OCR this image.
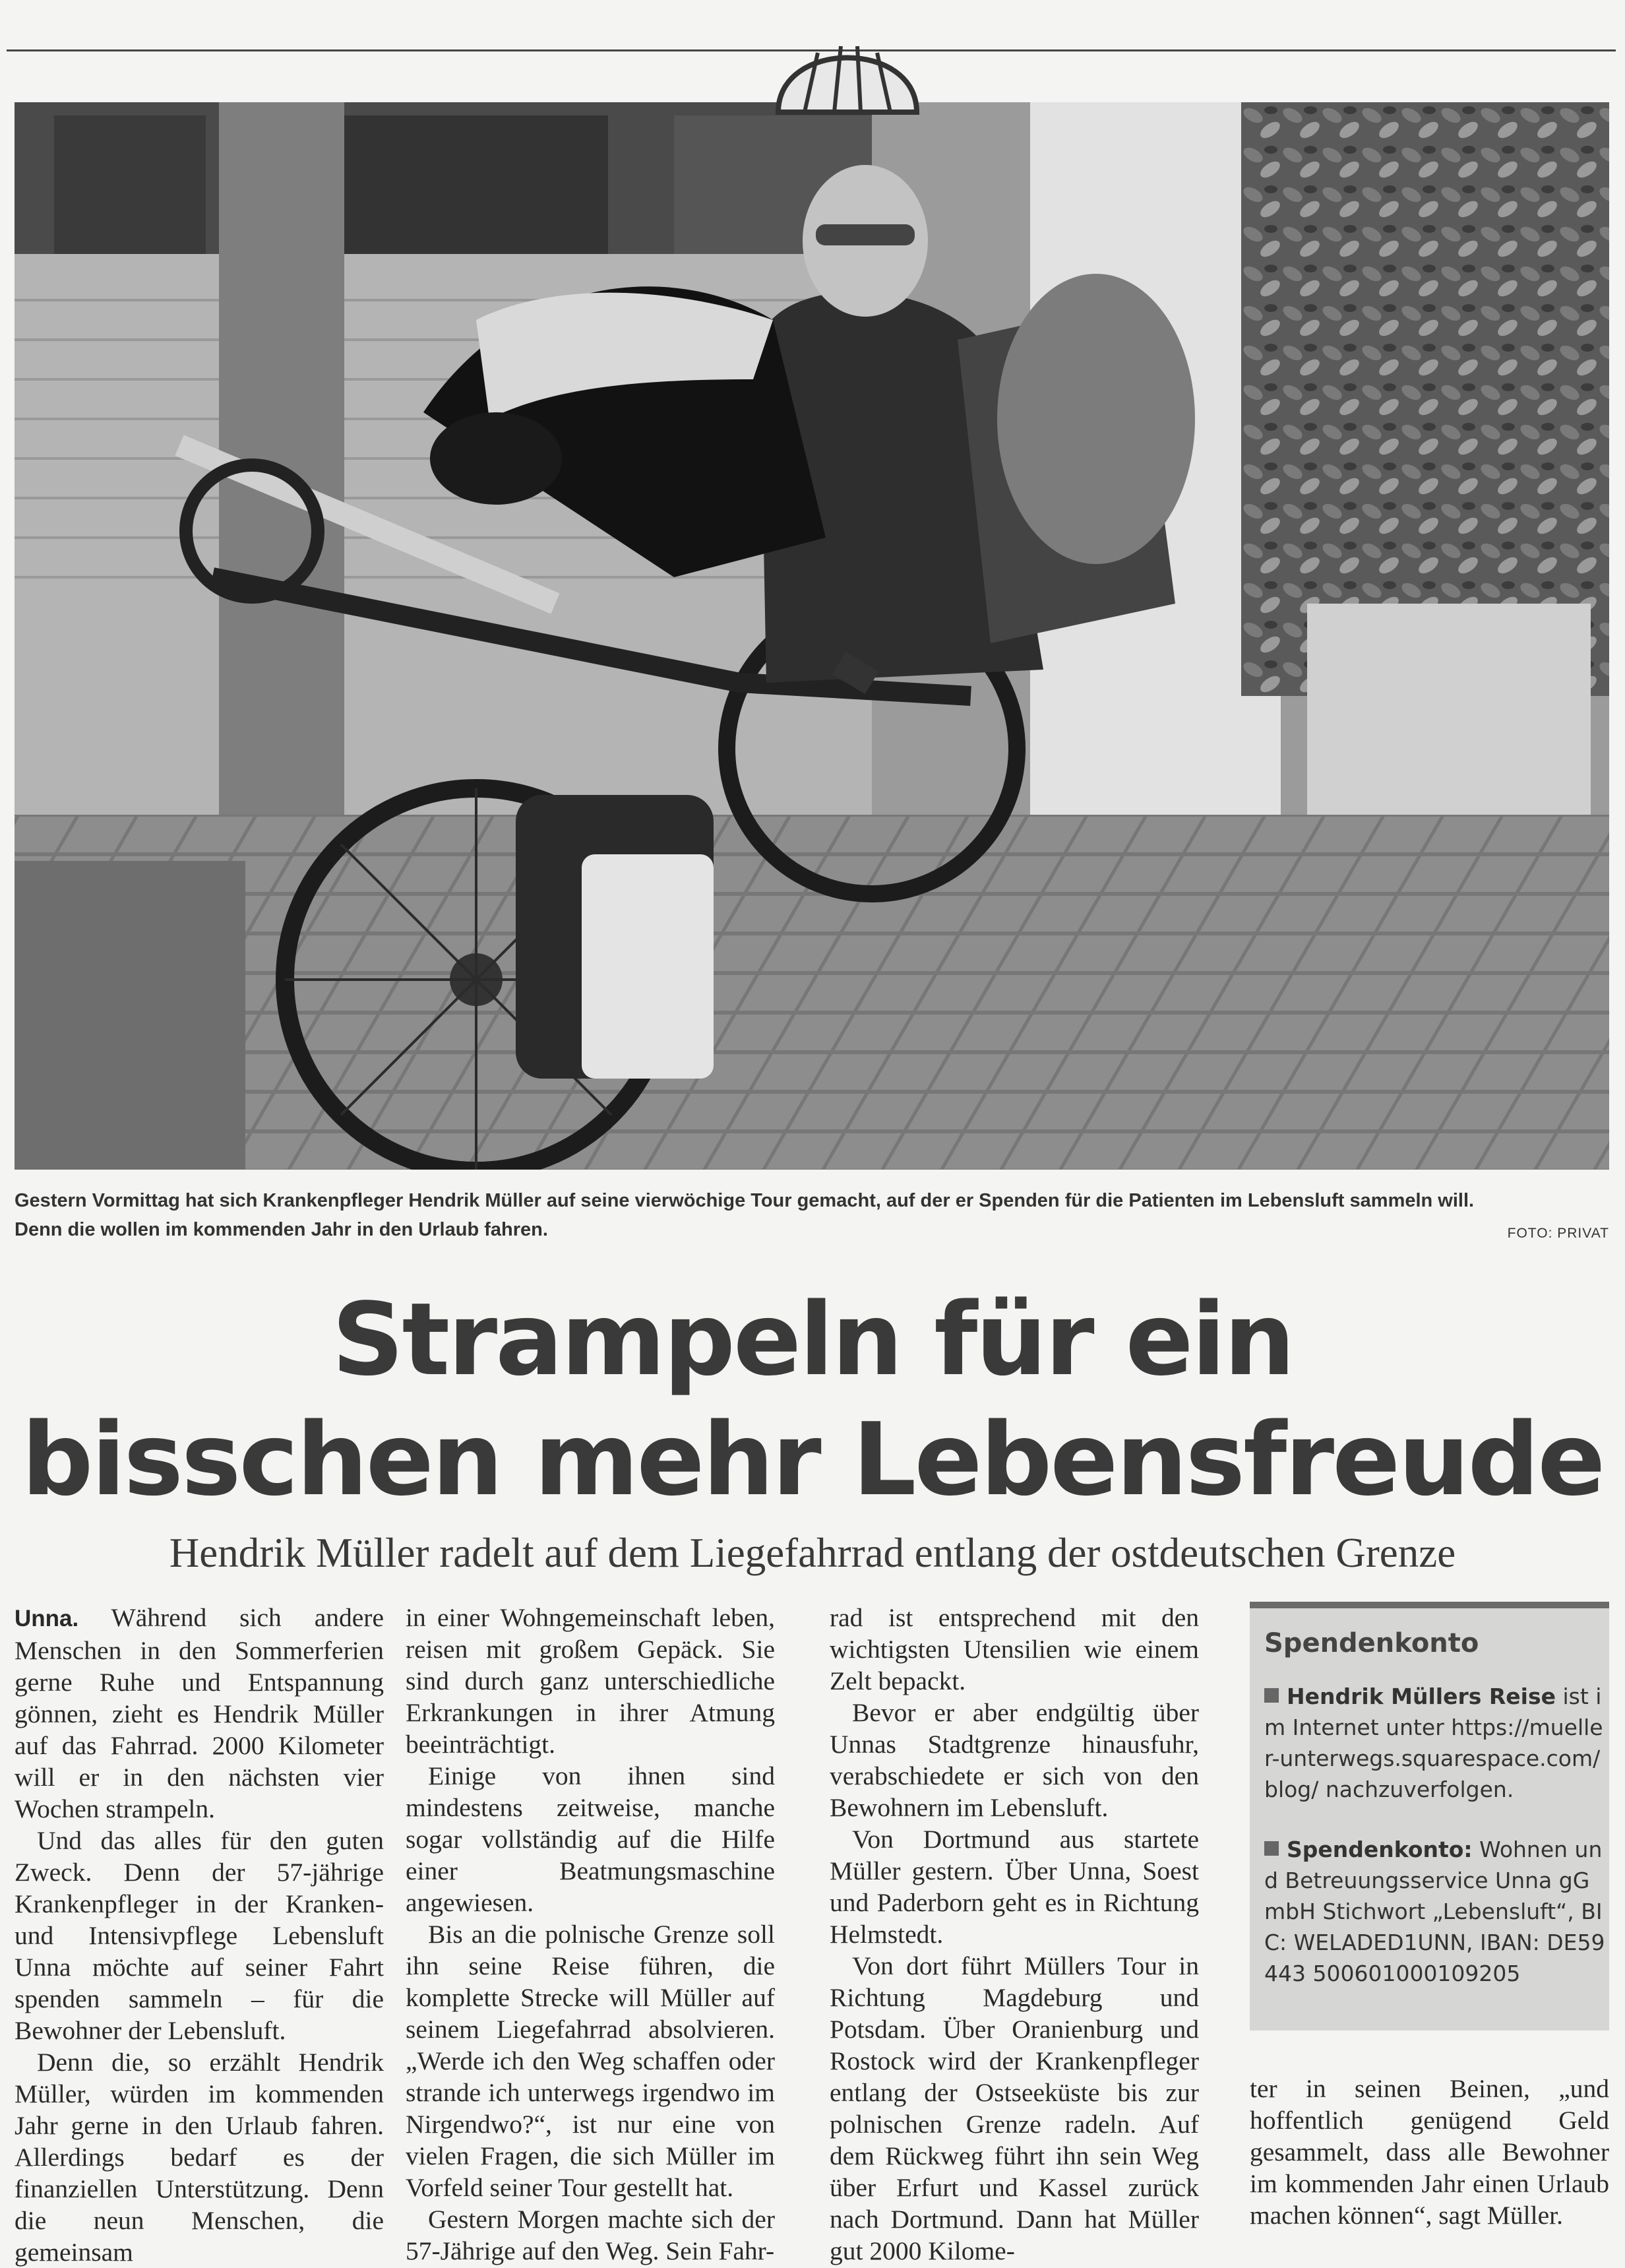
Gestern Vormittag hat sich Krankenpfleger Hendrik Müller auf seine vierwöchige Tour gemacht, auf der er Spenden für die Patienten im Lebensluft sammeln will.
Denn die wollen im kommenden Jahr in den Urlaub fahren.	FOTO: PRIVAT
Strampeln für ein
bisschen mehr Lebensfreude
Hendrik Müller radelt auf dem Liegefahrrad entlang der ostdeutschen Grenze

Unna. Während sich andere Menschen in den Sommerferien gerne Ruhe und Entspannung gönnen, zieht es Hendrik Müller auf das Fahrrad. 2000 Kilometer will er in den nächsten vier Wochen strampeln.

Und das alles für den guten Zweck. Denn der 57-jährige Krankenpfleger in der Kranken- und Intensivpflege Lebensluft Unna möchte auf seiner Fahrt spenden sammeln – für die Bewohner der Lebensluft.

Denn die, so erzählt Hendrik Müller, würden im kommenden Jahr gerne in den Urlaub fahren. Allerdings bedarf es der finanziellen Unterstützung. Denn die neun Menschen, die gemeinsam

in einer Wohngemeinschaft leben, reisen mit großem Gepäck. Sie sind durch ganz unterschiedliche Erkrankungen in ihrer Atmung beeinträchtigt.

Einige von ihnen sind mindestens zeitweise, manche sogar vollständig auf die Hilfe einer Beatmungsmaschine angewiesen.

Bis an die polnische Grenze soll ihn seine Reise führen, die komplette Strecke will Müller auf seinem Liegefahrrad absolvieren. „Werde ich den Weg schaffen oder strande ich unterwegs irgendwo im Nirgendwo?“, ist nur eine von vielen Fragen, die sich Müller im Vorfeld seiner Tour gestellt hat.

Gestern Morgen machte sich der 57-Jährige auf den Weg. Sein Fahr-

rad ist entsprechend mit den wichtigsten Utensilien wie einem Zelt bepackt.

Bevor er aber endgültig über Unnas Stadtgrenze hinausfuhr, verabschiedete er sich von den Bewohnern im Lebensluft.

Von Dortmund aus startete Müller gestern. Über Unna, Soest und Paderborn geht es in Richtung Helmstedt.

Von dort führt Müllers Tour in Richtung Magdeburg und Potsdam. Über Oranienburg und Rostock wird der Krankenpfleger entlang der Ostseeküste bis zur polnischen Grenze radeln. Auf dem Rückweg führt ihn sein Weg über Erfurt und Kassel zurück nach Dortmund. Dann hat Müller gut 2000 Kilome-

Spendenkonto

Hendrik Müllers Reise ist im Internet unter https://mueller-unterwegs.squarespace.com/blog/ nachzuverfolgen.

Spendenkonto: Wohnen und Betreuungsservice Unna gGmbH Stichwort „Lebensluft“, BIC: WELADED1UNN, IBAN: DE59443 500601000109205

ter in seinen Beinen, „und hoffentlich genügend Geld gesammelt, dass alle Bewohner im kommenden Jahr einen Urlaub machen können“, sagt Müller.
